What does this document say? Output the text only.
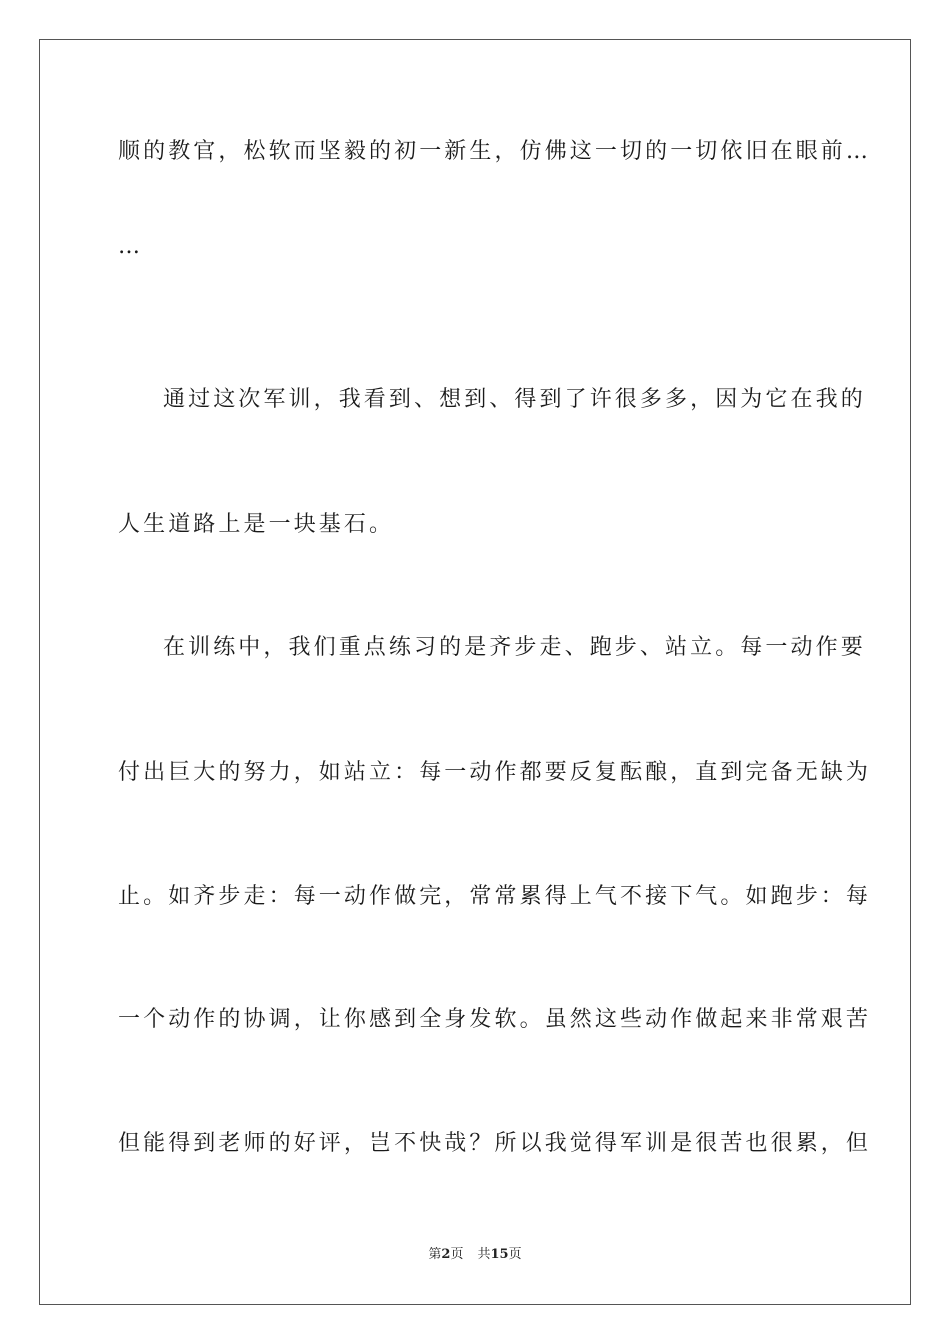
顺的教官，松软而坚毅的初一新生，仿佛这一切的一切依旧在眼前…
…
通过这次军训，我看到、想到、得到了许很多多，因为它在我的
人生道路上是一块基石。
在训练中，我们重点练习的是齐步走、跑步、站立。每一动作要
付出巨大的努力，如站立：每一动作都要反复酝酿，直到完备无缺为
止。如齐步走：每一动作做完，常常累得上气不接下气。如跑步：每
一个动作的协调，让你感到全身发软。虽然这些动作做起来非常艰苦
但能得到老师的好评，岂不快哉？所以我觉得军训是很苦也很累，但
第2页 共15页
